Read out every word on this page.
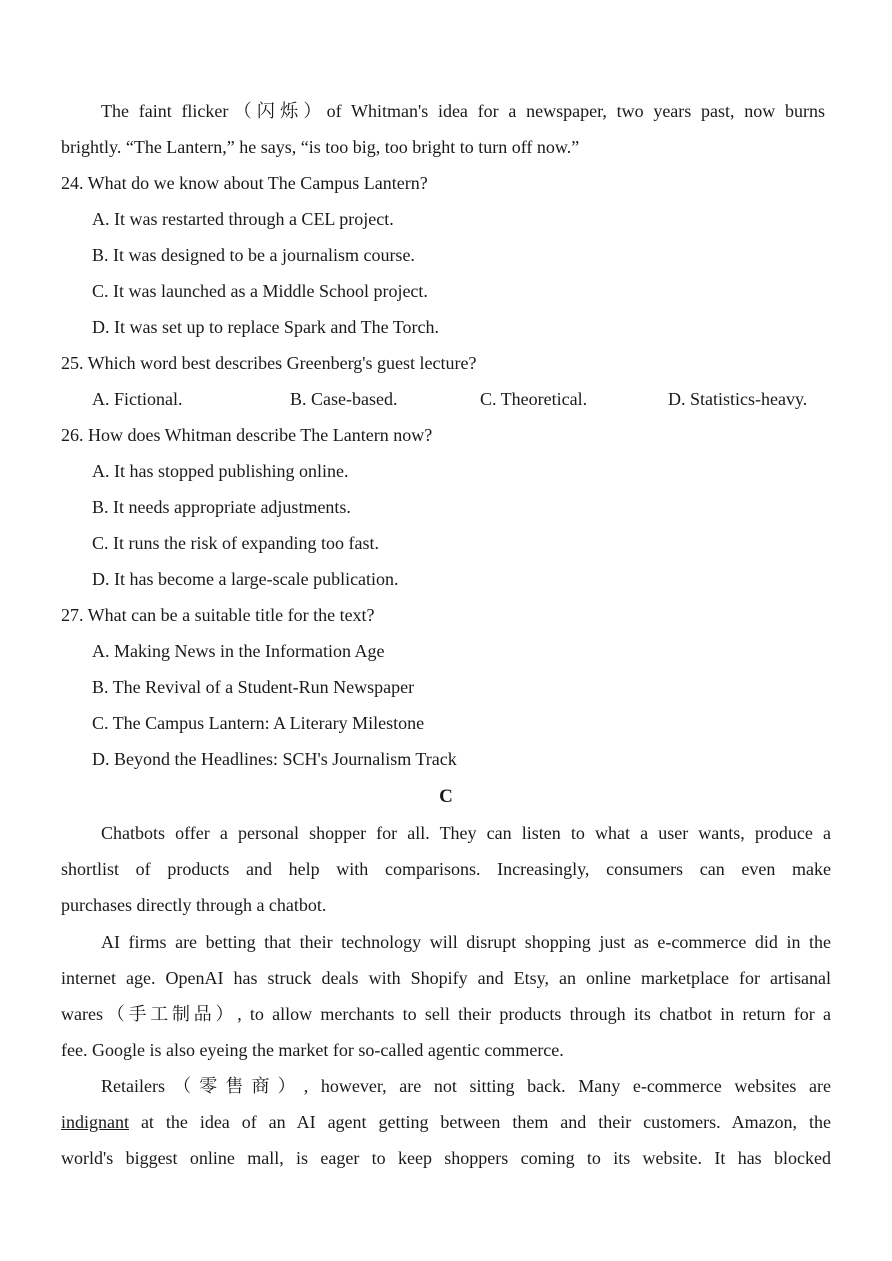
The faint flicker（闪烁）of Whitman's idea for a newspaper, two years past, now burns
brightly. “The Lantern,” he says, “is too big, too bright to turn off now.”
24. What do we know about The Campus Lantern?
A. It was restarted through a CEL project.
B. It was designed to be a journalism course.
C. It was launched as a Middle School project.
D. It was set up to replace Spark and The Torch.
25. Which word best describes Greenberg's guest lecture?
A. Fictional.	B. Case-based.	C. Theoretical.	D. Statistics-heavy.
26. How does Whitman describe The Lantern now?
A. It has stopped publishing online.
B. It needs appropriate adjustments.
C. It runs the risk of expanding too fast.
D. It has become a large-scale publication.
27. What can be a suitable title for the text?
A. Making News in the Information Age
B. The Revival of a Student-Run Newspaper
C. The Campus Lantern: A Literary Milestone
D. Beyond the Headlines: SCH's Journalism Track
C
Chatbots offer a personal shopper for all. They can listen to what a user wants, produce a
shortlist of products and help with comparisons. Increasingly, consumers can even make
purchases directly through a chatbot.
AI firms are betting that their technology will disrupt shopping just as e-commerce did in the
internet age. OpenAI has struck deals with Shopify and Etsy, an online marketplace for artisanal
wares（手工制品）, to allow merchants to sell their products through its chatbot in return for a
fee. Google is also eyeing the market for so-called agentic commerce.
Retailers（零售商）, however, are not sitting back. Many e-commerce websites are
indignant at the idea of an AI agent getting between them and their customers. Amazon, the
world's biggest online mall, is eager to keep shoppers coming to its website. It has blocked
